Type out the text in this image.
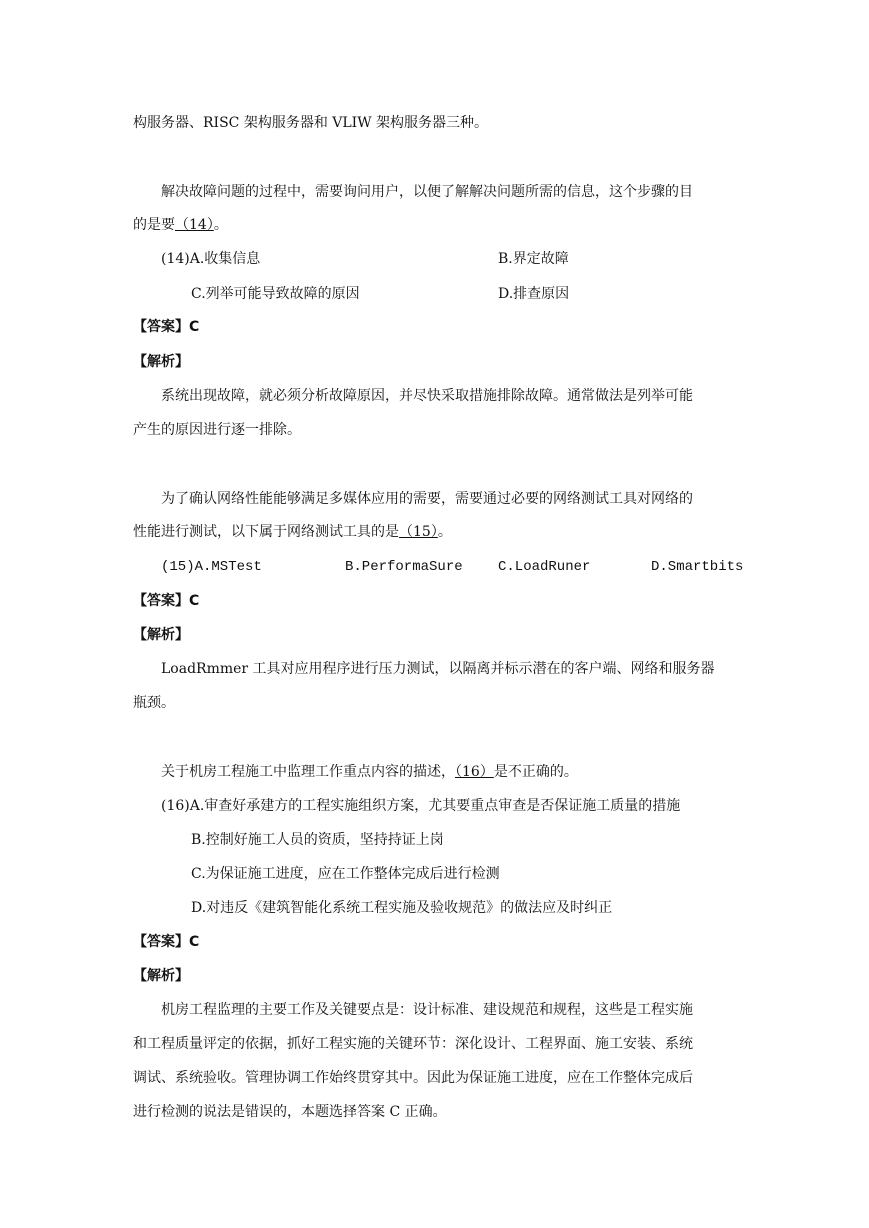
构服务器、RISC 架构服务器和 VLIW 架构服务器三种。
解决故障问题的过程中，需要询问用户，以便了解解决问题所需的信息，这个步骤的目
的是要（14）。
(14)A.收集信息	B.界定故障
C.列举可能导致故障的原因	D.排查原因
【答案】C
【解析】
系统出现故障，就必须分析故障原因，并尽快采取措施排除故障。通常做法是列举可能
产生的原因进行逐一排除。
为了确认网络性能能够满足多媒体应用的需要，需要通过必要的网络测试工具对网络的
性能进行测试，以下属于网络测试工具的是（15）。
(15)A.MSTest	B.PerformaSure	C.LoadRuner	D.Smartbits
【答案】C
【解析】
LoadRmmer 工具对应用程序进行压力测试，以隔离并标示潜在的客户端、网络和服务器
瓶颈。
关于机房工程施工中监理工作重点内容的描述，（16）是不正确的。
(16)A.审查好承建方的工程实施组织方案，尤其要重点审查是否保证施工质量的措施
B.控制好施工人员的资质，坚持持证上岗
C.为保证施工进度，应在工作整体完成后进行检测
D.对违反《建筑智能化系统工程实施及验收规范》的做法应及时纠正
【答案】C
【解析】
机房工程监理的主要工作及关键要点是：设计标准、建设规范和规程，这些是工程实施
和工程质量评定的依据，抓好工程实施的关键环节：深化设计、工程界面、施工安装、系统
调试、系统验收。管理协调工作始终贯穿其中。因此为保证施工进度，应在工作整体完成后
进行检测的说法是错误的，本题选择答案 C 正确。
